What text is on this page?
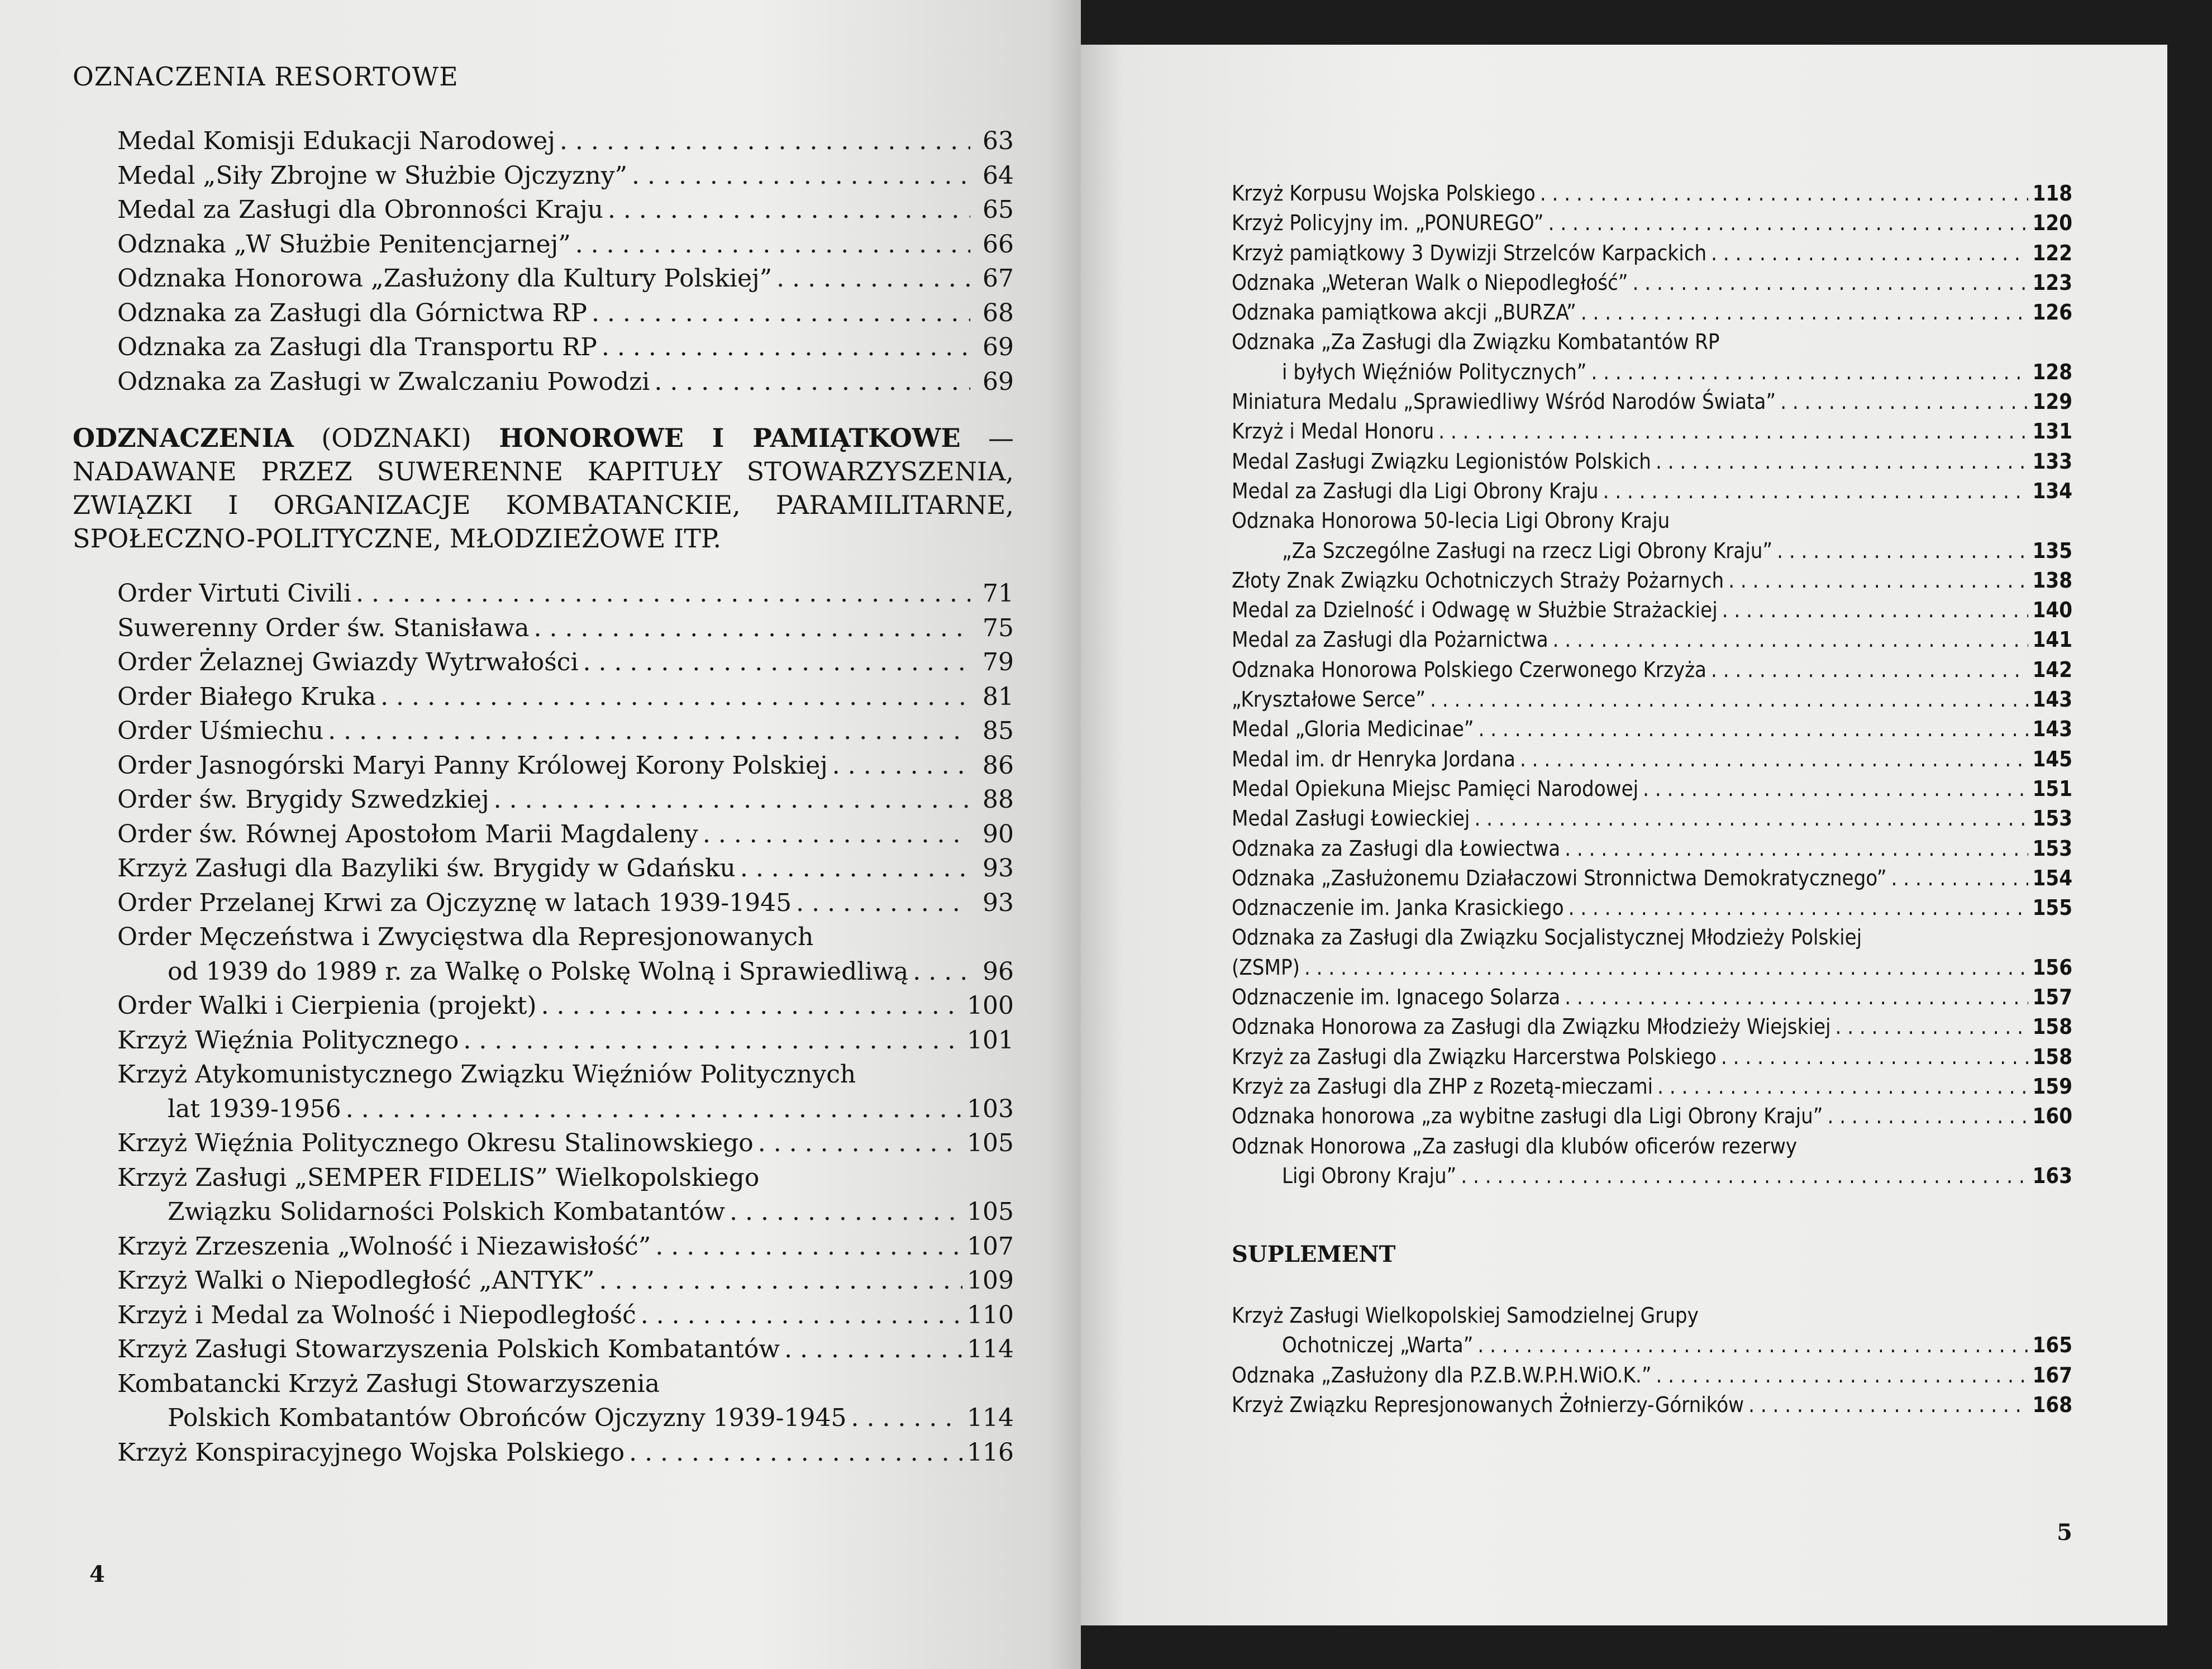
OZNACZENIA RESORTOWE
Medal Komisji Edukacji Narodowej . . .	63
Medal „Siły Zbrojne w Służbie Ojczyzny” . . .	64
Medal za Zasługi dla Obronności Kraju . . .	65
Odznaka „W Służbie Penitencjarnej” . . .	66
Odznaka Honorowa „Zasłużony dla Kultury Polskiej” . . .	67
Odznaka za Zasługi dla Górnictwa RP . . .	68
Odznaka za Zasługi dla Transportu RP . . .	69
Odznaka za Zasługi w Zwalczaniu Powodzi . . .	69
ODZNACZENIA (ODZNAKI) HONOROWE I PAMIĄTKOWE — NADAWANE PRZEZ SUWERENNE KAPITUŁY STOWARZYSZENIA, ZWIĄZKI I ORGANIZACJE KOMBATANCKIE, PARAMILITARNE, SPOŁECZNO-POLITYCZNE, MŁODZIEŻOWE ITP.
Order Virtuti Civili . . .	71
Suwerenny Order św. Stanisława . . .	75
Order Żelaznej Gwiazdy Wytrwałości . . .	79
Order Białego Kruka . . .	81
Order Uśmiechu . . .	85
Order Jasnogórski Maryi Panny Królowej Korony Polskiej . . .	86
Order św. Brygidy Szwedzkiej . . .	88
Order św. Równej Apostołom Marii Magdaleny . . .	90
Krzyż Zasługi dla Bazyliki św. Brygidy w Gdańsku . . .	93
Order Przelanej Krwi za Ojczyznę w latach 1939-1945 . . .	93
Order Męczeństwa i Zwycięstwa dla Represjonowanych
od 1939 do 1989 r. za Walkę o Polskę Wolną i Sprawiedliwą . . .	96
Order Walki i Cierpienia (projekt) . . .	100
Krzyż Więźnia Politycznego . . .	101
Krzyż Atykomunistycznego Związku Więźniów Politycznych
lat 1939-1956 . . .	103
Krzyż Więźnia Politycznego Okresu Stalinowskiego . . .	105
Krzyż Zasługi „SEMPER FIDELIS” Wielkopolskiego
Związku Solidarności Polskich Kombatantów . . .	105
Krzyż Zrzeszenia „Wolność i Niezawisłość” . . .	107
Krzyż Walki o Niepodległość „ANTYK” . . .	109
Krzyż i Medal za Wolność i Niepodległość . . .	110
Krzyż Zasługi Stowarzyszenia Polskich Kombatantów . . .	114
Kombatancki Krzyż Zasługi Stowarzyszenia
Polskich Kombatantów Obrońców Ojczyzny 1939-1945 . . .	114
Krzyż Konspiracyjnego Wojska Polskiego . . .	116
4
Krzyż Korpusu Wojska Polskiego . . .	118
Krzyż Policyjny im. „PONUREGO” . . .	120
Krzyż pamiątkowy 3 Dywizji Strzelców Karpackich . . .	122
Odznaka „Weteran Walk o Niepodległość” . . .	123
Odznaka pamiątkowa akcji „BURZA” . . .	126
Odznaka „Za Zasługi dla Związku Kombatantów RP
i byłych Więźniów Politycznych” . . .	128
Miniatura Medalu „Sprawiedliwy Wśród Narodów Świata” . . .	129
Krzyż i Medal Honoru . . .	131
Medal Zasługi Związku Legionistów Polskich . . .	133
Medal za Zasługi dla Ligi Obrony Kraju . . .	134
Odznaka Honorowa 50-lecia Ligi Obrony Kraju
„Za Szczególne Zasługi na rzecz Ligi Obrony Kraju” . . .	135
Złoty Znak Związku Ochotniczych Straży Pożarnych . . .	138
Medal za Dzielność i Odwagę w Służbie Strażackiej . . .	140
Medal za Zasługi dla Pożarnictwa . . .	141
Odznaka Honorowa Polskiego Czerwonego Krzyża . . .	142
„Kryształowe Serce” . . .	143
Medal „Gloria Medicinae” . . .	143
Medal im. dr Henryka Jordana . . .	145
Medal Opiekuna Miejsc Pamięci Narodowej . . .	151
Medal Zasługi Łowieckiej . . .	153
Odznaka za Zasługi dla Łowiectwa . . .	153
Odznaka „Zasłużonemu Działaczowi Stronnictwa Demokratycznego” . . .	154
Odznaczenie im. Janka Krasickiego . . .	155
Odznaka za Zasługi dla Związku Socjalistycznej Młodzieży Polskiej
(ZSMP) . . .	156
Odznaczenie im. Ignacego Solarza . . .	157
Odznaka Honorowa za Zasługi dla Związku Młodzieży Wiejskiej . . .	158
Krzyż za Zasługi dla Związku Harcerstwa Polskiego . . .	158
Krzyż za Zasługi dla ZHP z Rozetą-mieczami . . .	159
Odznaka honorowa „za wybitne zasługi dla Ligi Obrony Kraju” . . .	160
Odznak Honorowa „Za zasługi dla klubów oficerów rezerwy
Ligi Obrony Kraju” . . .	163
SUPLEMENT
Krzyż Zasługi Wielkopolskiej Samodzielnej Grupy
Ochotniczej „Warta” . . .	165
Odznaka „Zasłużony dla P.Z.B.W.P.H.WiO.K.” . . .	167
Krzyż Związku Represjonowanych Żołnierzy-Górników . . .	168
5
